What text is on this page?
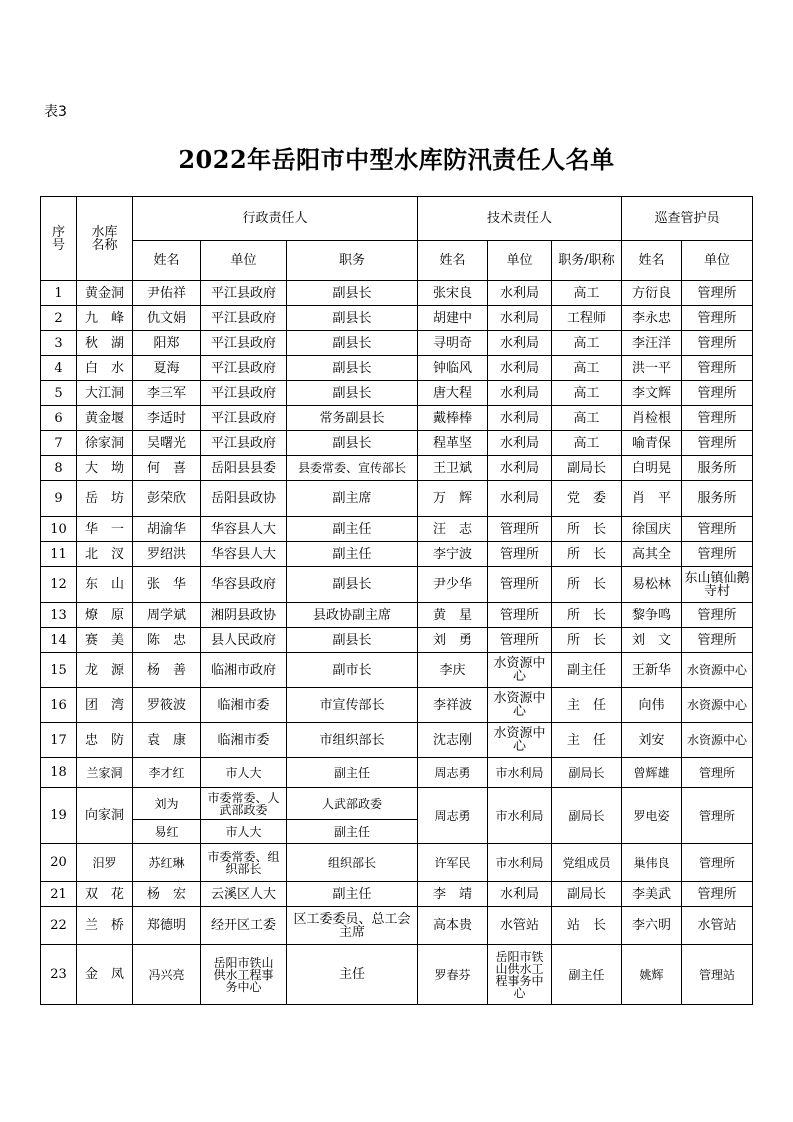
表3
2022年岳阳市中型水库防汛责任人名单
序号	水库名称	行政责任人			技术责任人			巡查管护员	
		姓名	单位	职务	姓名	单位	职务/职称	姓名	单位
1	黄金洞	尹佑祥	平江县政府	副县长	张宋良	水利局	高工	方衍良	管理所
2	九　峰	仇文娟	平江县政府	副县长	胡建中	水利局	工程师	李永忠	管理所
3	秋　湖	阳郑	平江县政府	副县长	寻明奇	水利局	高工	李汪洋	管理所
4	白　水	夏海	平江县政府	副县长	钟临风	水利局	高工	洪一平	管理所
5	大江洞	李三军	平江县政府	副县长	唐大程	水利局	高工	李文辉	管理所
6	黄金堰	李适时	平江县政府	常务副县长	戴棒棒	水利局	高工	肖检根	管理所
7	徐家洞	吴曙光	平江县政府	副县长	程革坚	水利局	高工	喻青保	管理所
8	大　坳	何　喜	岳阳县县委	县委常委、宣传部长	王卫斌	水利局	副局长	白明晃	服务所
9	岳　坊	彭荣欣	岳阳县政协	副主席	万　辉	水利局	党　委	肖　平	服务所
10	华　一	胡渝华	华容县人大	副主任	汪　志	管理所	所　长	徐国庆	管理所
11	北　汊	罗绍洪	华容县人大	副主任	李宁波	管理所	所　长	高其全	管理所
12	东　山	张　华	华容县政府	副县长	尹少华	管理所	所　长	易松林	东山镇仙鹅寺村
13	燎　原	周学斌	湘阴县政协	县政协副主席	黄　星	管理所	所　长	黎争鸣	管理所
14	赛　美	陈　忠	县人民政府	副县长	刘　勇	管理所	所　长	刘　文	管理所
15	龙　源	杨　善	临湘市政府	副市长	李庆	水资源中心	副主任	王新华	水资源中心
16	团　湾	罗筱波	临湘市委	市宣传部长	李祥波	水资源中心	主　任	向伟	水资源中心
17	忠　防	袁　康	临湘市委	市组织部长	沈志刚	水资源中心	主　任	刘安	水资源中心
18	兰家洞	李才红	市人大	副主任	周志勇	市水利局	副局长	曾辉雄	管理所
19	向家洞	刘为	市委常委、人武部政委	人武部政委	周志勇	市水利局	副局长	罗电姿	管理所
		易红	市人大	副主任					
20	汨罗	苏红琳	市委常委、组织部长	组织部长	许军民	市水利局	党组成员	巢伟良	管理所
21	双　花	杨　宏	云溪区人大	副主任	李　靖	水利局	副局长	李美武	管理所
22	兰　桥	郑德明	经开区工委	区工委委员、总工会主席	高本贵	水管站	站　长	李六明	水管站
23	金　凤	冯兴亮	岳阳市铁山供水工程事务中心	主任	罗春芬	岳阳市铁山供水工程事务中心	副主任	姚辉	管理站
